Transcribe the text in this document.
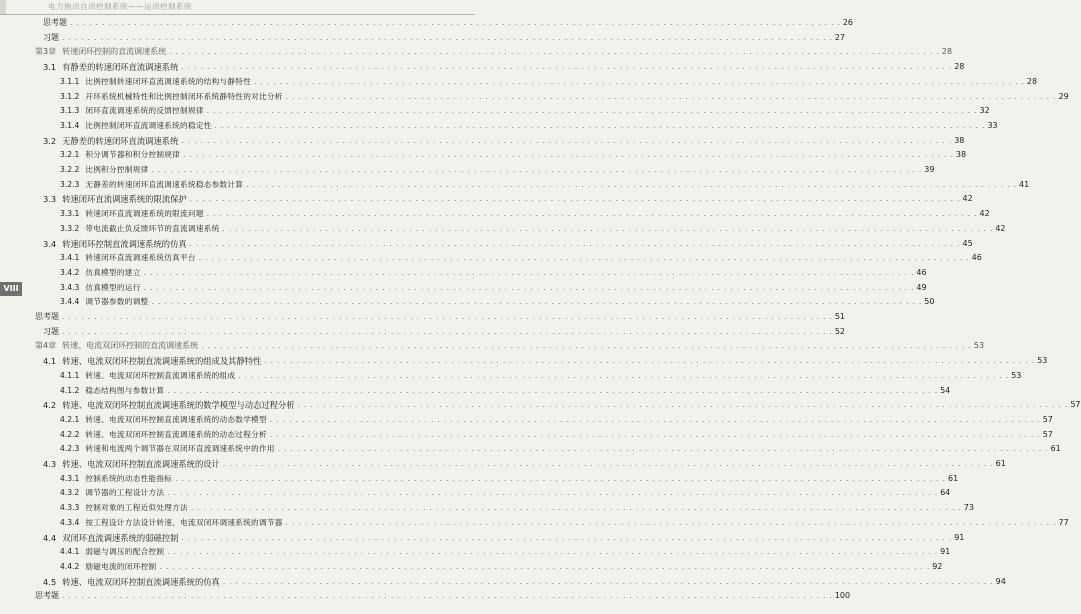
电力拖动自动控制系统——运动控制系统
VIII
思考题 . . . . . . . . . . . . . . . . . . . . . . . . . . . . . . . . . . . . . . . . . . . . . . . . . . . . . . . . . . . . . . . . . . . . . . . . . . . . . . . . . . . . . . . . . . . . . . . . . . . . . . . . . . . . . . . . . . . . . . . . 26
习题 . . . . . . . . . . . . . . . . . . . . . . . . . . . . . . . . . . . . . . . . . . . . . . . . . . . . . . . . . . . . . . . . . . . . . . . . . . . . . . . . . . . . . . . . . . . . . . . . . . . . . . . . . . . . . . . . . . . . . . . . 27
第3章 转速闭环控制的直流调速系统 . . . . . . . . . . . . . . . . . . . . . . . . . . . . . . . . . . . . . . . . . . . . . . . . . . . . . . . . . . . . . . . . . . . . . . . . . . . . . . . . . . . . . . . . . . . . . . . . . . . . . . . . . . . . . . . . . . . . . . . . 28
3.1 有静差的转速闭环直流调速系统 . . . . . . . . . . . . . . . . . . . . . . . . . . . . . . . . . . . . . . . . . . . . . . . . . . . . . . . . . . . . . . . . . . . . . . . . . . . . . . . . . . . . . . . . . . . . . . . . . . . . . . . . . . . . . . . . . . . . . . . . 28
3.1.1 比例控制转速闭环直流调速系统的结构与静特性 . . . . . . . . . . . . . . . . . . . . . . . . . . . . . . . . . . . . . . . . . . . . . . . . . . . . . . . . . . . . . . . . . . . . . . . . . . . . . . . . . . . . . . . . . . . . . . . . . . . . . . . . . . . . . . . . . . . . . . . . 28
3.1.2 开环系统机械特性和比例控制闭环系统静特性的对比分析 . . . . . . . . . . . . . . . . . . . . . . . . . . . . . . . . . . . . . . . . . . . . . . . . . . . . . . . . . . . . . . . . . . . . . . . . . . . . . . . . . . . . . . . . . . . . . . . . . . . . . . . . . . . . . . . . . . . . . . . . 29
3.1.3 闭环直流调速系统的反馈控制规律 . . . . . . . . . . . . . . . . . . . . . . . . . . . . . . . . . . . . . . . . . . . . . . . . . . . . . . . . . . . . . . . . . . . . . . . . . . . . . . . . . . . . . . . . . . . . . . . . . . . . . . . . . . . . . . . . . . . . . . . . 32
3.1.4 比例控制闭环直流调速系统的稳定性 . . . . . . . . . . . . . . . . . . . . . . . . . . . . . . . . . . . . . . . . . . . . . . . . . . . . . . . . . . . . . . . . . . . . . . . . . . . . . . . . . . . . . . . . . . . . . . . . . . . . . . . . . . . . . . . . . . . . . . . . 33
3.2 无静差的转速闭环直流调速系统 . . . . . . . . . . . . . . . . . . . . . . . . . . . . . . . . . . . . . . . . . . . . . . . . . . . . . . . . . . . . . . . . . . . . . . . . . . . . . . . . . . . . . . . . . . . . . . . . . . . . . . . . . . . . . . . . . . . . . . . . 38
3.2.1 积分调节器和积分控制规律 . . . . . . . . . . . . . . . . . . . . . . . . . . . . . . . . . . . . . . . . . . . . . . . . . . . . . . . . . . . . . . . . . . . . . . . . . . . . . . . . . . . . . . . . . . . . . . . . . . . . . . . . . . . . . . . . . . . . . . . . 38
3.2.2 比例积分控制规律 . . . . . . . . . . . . . . . . . . . . . . . . . . . . . . . . . . . . . . . . . . . . . . . . . . . . . . . . . . . . . . . . . . . . . . . . . . . . . . . . . . . . . . . . . . . . . . . . . . . . . . . . . . . . . . . . . . . . . . . . 39
3.2.3 无静差的转速闭环直流调速系统稳态参数计算 . . . . . . . . . . . . . . . . . . . . . . . . . . . . . . . . . . . . . . . . . . . . . . . . . . . . . . . . . . . . . . . . . . . . . . . . . . . . . . . . . . . . . . . . . . . . . . . . . . . . . . . . . . . . . . . . . . . . . . . . 41
3.3 转速闭环直流调速系统的限流保护 . . . . . . . . . . . . . . . . . . . . . . . . . . . . . . . . . . . . . . . . . . . . . . . . . . . . . . . . . . . . . . . . . . . . . . . . . . . . . . . . . . . . . . . . . . . . . . . . . . . . . . . . . . . . . . . . . . . . . . . . 42
3.3.1 转速闭环直流调速系统的限流问题 . . . . . . . . . . . . . . . . . . . . . . . . . . . . . . . . . . . . . . . . . . . . . . . . . . . . . . . . . . . . . . . . . . . . . . . . . . . . . . . . . . . . . . . . . . . . . . . . . . . . . . . . . . . . . . . . . . . . . . . . 42
3.3.2 带电流截止负反馈环节的直流调速系统 . . . . . . . . . . . . . . . . . . . . . . . . . . . . . . . . . . . . . . . . . . . . . . . . . . . . . . . . . . . . . . . . . . . . . . . . . . . . . . . . . . . . . . . . . . . . . . . . . . . . . . . . . . . . . . . . . . . . . . . . 42
3.4 转速闭环控制直流调速系统的仿真 . . . . . . . . . . . . . . . . . . . . . . . . . . . . . . . . . . . . . . . . . . . . . . . . . . . . . . . . . . . . . . . . . . . . . . . . . . . . . . . . . . . . . . . . . . . . . . . . . . . . . . . . . . . . . . . . . . . . . . . . 45
3.4.1 转速闭环直流调速系统仿真平台 . . . . . . . . . . . . . . . . . . . . . . . . . . . . . . . . . . . . . . . . . . . . . . . . . . . . . . . . . . . . . . . . . . . . . . . . . . . . . . . . . . . . . . . . . . . . . . . . . . . . . . . . . . . . . . . . . . . . . . . . 46
3.4.2 仿真模型的建立 . . . . . . . . . . . . . . . . . . . . . . . . . . . . . . . . . . . . . . . . . . . . . . . . . . . . . . . . . . . . . . . . . . . . . . . . . . . . . . . . . . . . . . . . . . . . . . . . . . . . . . . . . . . . . . . . . . . . . . . . 46
3.4.3 仿真模型的运行 . . . . . . . . . . . . . . . . . . . . . . . . . . . . . . . . . . . . . . . . . . . . . . . . . . . . . . . . . . . . . . . . . . . . . . . . . . . . . . . . . . . . . . . . . . . . . . . . . . . . . . . . . . . . . . . . . . . . . . . . 49
3.4.4 调节器参数的调整 . . . . . . . . . . . . . . . . . . . . . . . . . . . . . . . . . . . . . . . . . . . . . . . . . . . . . . . . . . . . . . . . . . . . . . . . . . . . . . . . . . . . . . . . . . . . . . . . . . . . . . . . . . . . . . . . . . . . . . . . 50
思考题 . . . . . . . . . . . . . . . . . . . . . . . . . . . . . . . . . . . . . . . . . . . . . . . . . . . . . . . . . . . . . . . . . . . . . . . . . . . . . . . . . . . . . . . . . . . . . . . . . . . . . . . . . . . . . . . . . . . . . . . . 51
习题 . . . . . . . . . . . . . . . . . . . . . . . . . . . . . . . . . . . . . . . . . . . . . . . . . . . . . . . . . . . . . . . . . . . . . . . . . . . . . . . . . . . . . . . . . . . . . . . . . . . . . . . . . . . . . . . . . . . . . . . . 52
第4章 转速、电流双闭环控制的直流调速系统 . . . . . . . . . . . . . . . . . . . . . . . . . . . . . . . . . . . . . . . . . . . . . . . . . . . . . . . . . . . . . . . . . . . . . . . . . . . . . . . . . . . . . . . . . . . . . . . . . . . . . . . . . . . . . . . . . . . . . . . . 53
4.1 转速、电流双闭环控制直流调速系统的组成及其静特性 . . . . . . . . . . . . . . . . . . . . . . . . . . . . . . . . . . . . . . . . . . . . . . . . . . . . . . . . . . . . . . . . . . . . . . . . . . . . . . . . . . . . . . . . . . . . . . . . . . . . . . . . . . . . . . . . . . . . . . . . 53
4.1.1 转速、电流双闭环控制直流调速系统的组成 . . . . . . . . . . . . . . . . . . . . . . . . . . . . . . . . . . . . . . . . . . . . . . . . . . . . . . . . . . . . . . . . . . . . . . . . . . . . . . . . . . . . . . . . . . . . . . . . . . . . . . . . . . . . . . . . . . . . . . . . 53
4.1.2 稳态结构图与参数计算 . . . . . . . . . . . . . . . . . . . . . . . . . . . . . . . . . . . . . . . . . . . . . . . . . . . . . . . . . . . . . . . . . . . . . . . . . . . . . . . . . . . . . . . . . . . . . . . . . . . . . . . . . . . . . . . . . . . . . . . . 54
4.2 转速、电流双闭环控制直流调速系统的数学模型与动态过程分析 . . . . . . . . . . . . . . . . . . . . . . . . . . . . . . . . . . . . . . . . . . . . . . . . . . . . . . . . . . . . . . . . . . . . . . . . . . . . . . . . . . . . . . . . . . . . . . . . . . . . . . . . . . . . . . . . . . . . . . . . 57
4.2.1 转速、电流双闭环控制直流调速系统的动态数学模型 . . . . . . . . . . . . . . . . . . . . . . . . . . . . . . . . . . . . . . . . . . . . . . . . . . . . . . . . . . . . . . . . . . . . . . . . . . . . . . . . . . . . . . . . . . . . . . . . . . . . . . . . . . . . . . . . . . . . . . . . 57
4.2.2 转速、电流双闭环控制直流调速系统的动态过程分析 . . . . . . . . . . . . . . . . . . . . . . . . . . . . . . . . . . . . . . . . . . . . . . . . . . . . . . . . . . . . . . . . . . . . . . . . . . . . . . . . . . . . . . . . . . . . . . . . . . . . . . . . . . . . . . . . . . . . . . . . 57
4.2.3 转速和电流两个调节器在双闭环直流调速系统中的作用 . . . . . . . . . . . . . . . . . . . . . . . . . . . . . . . . . . . . . . . . . . . . . . . . . . . . . . . . . . . . . . . . . . . . . . . . . . . . . . . . . . . . . . . . . . . . . . . . . . . . . . . . . . . . . . . . . . . . . . . . 61
4.3 转速、电流双闭环控制直流调速系统的设计 . . . . . . . . . . . . . . . . . . . . . . . . . . . . . . . . . . . . . . . . . . . . . . . . . . . . . . . . . . . . . . . . . . . . . . . . . . . . . . . . . . . . . . . . . . . . . . . . . . . . . . . . . . . . . . . . . . . . . . . . 61
4.3.1 控制系统的动态性能指标 . . . . . . . . . . . . . . . . . . . . . . . . . . . . . . . . . . . . . . . . . . . . . . . . . . . . . . . . . . . . . . . . . . . . . . . . . . . . . . . . . . . . . . . . . . . . . . . . . . . . . . . . . . . . . . . . . . . . . . . . 61
4.3.2 调节器的工程设计方法 . . . . . . . . . . . . . . . . . . . . . . . . . . . . . . . . . . . . . . . . . . . . . . . . . . . . . . . . . . . . . . . . . . . . . . . . . . . . . . . . . . . . . . . . . . . . . . . . . . . . . . . . . . . . . . . . . . . . . . . . 64
4.3.3 控制对象的工程近似处理方法 . . . . . . . . . . . . . . . . . . . . . . . . . . . . . . . . . . . . . . . . . . . . . . . . . . . . . . . . . . . . . . . . . . . . . . . . . . . . . . . . . . . . . . . . . . . . . . . . . . . . . . . . . . . . . . . . . . . . . . . . 73
4.3.4 按工程设计方法设计转速、电流双闭环调速系统的调节器 . . . . . . . . . . . . . . . . . . . . . . . . . . . . . . . . . . . . . . . . . . . . . . . . . . . . . . . . . . . . . . . . . . . . . . . . . . . . . . . . . . . . . . . . . . . . . . . . . . . . . . . . . . . . . . . . . . . . . . . . 77
4.4 双闭环直流调速系统的弱磁控制 . . . . . . . . . . . . . . . . . . . . . . . . . . . . . . . . . . . . . . . . . . . . . . . . . . . . . . . . . . . . . . . . . . . . . . . . . . . . . . . . . . . . . . . . . . . . . . . . . . . . . . . . . . . . . . . . . . . . . . . . 91
4.4.1 弱磁与调压的配合控制 . . . . . . . . . . . . . . . . . . . . . . . . . . . . . . . . . . . . . . . . . . . . . . . . . . . . . . . . . . . . . . . . . . . . . . . . . . . . . . . . . . . . . . . . . . . . . . . . . . . . . . . . . . . . . . . . . . . . . . . . 91
4.4.2 励磁电流的闭环控制 . . . . . . . . . . . . . . . . . . . . . . . . . . . . . . . . . . . . . . . . . . . . . . . . . . . . . . . . . . . . . . . . . . . . . . . . . . . . . . . . . . . . . . . . . . . . . . . . . . . . . . . . . . . . . . . . . . . . . . . . 92
4.5 转速、电流双闭环控制直流调速系统的仿真 . . . . . . . . . . . . . . . . . . . . . . . . . . . . . . . . . . . . . . . . . . . . . . . . . . . . . . . . . . . . . . . . . . . . . . . . . . . . . . . . . . . . . . . . . . . . . . . . . . . . . . . . . . . . . . . . . . . . . . . . 94
思考题 . . . . . . . . . . . . . . . . . . . . . . . . . . . . . . . . . . . . . . . . . . . . . . . . . . . . . . . . . . . . . . . . . . . . . . . . . . . . . . . . . . . . . . . . . . . . . . . . . . . . . . . . . . . . . . . . . . . . . . . . 100
